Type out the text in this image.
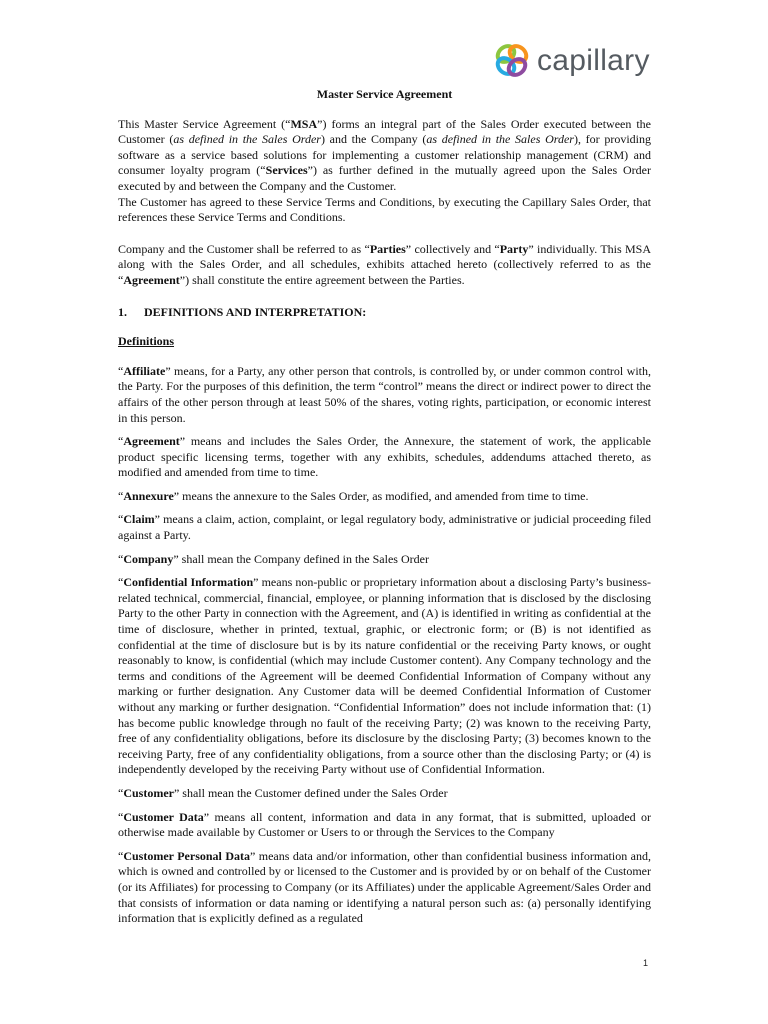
capillary
Master Service Agreement

This Master Service Agreement (“MSA”) forms an integral part of the Sales Order executed between the Customer (as defined in the Sales Order) and the Company (as defined in the Sales Order), for providing software as a service based solutions for implementing a customer relationship management (CRM) and consumer loyalty program (“Services”) as further defined in the mutually agreed upon the Sales Order executed by and between the Company and the Customer.

The Customer has agreed to these Service Terms and Conditions, by executing the Capillary Sales Order, that references these Service Terms and Conditions.

Company and the Customer shall be referred to as “Parties” collectively and “Party” individually. This MSA along with the Sales Order, and all schedules, exhibits attached hereto (collectively referred to as the “Agreement”) shall constitute the entire agreement between the Parties.

1. DEFINITIONS AND INTERPRETATION:
Definitions

“Affiliate” means, for a Party, any other person that controls, is controlled by, or under common control with, the Party. For the purposes of this definition, the term “control” means the direct or indirect power to direct the affairs of the other person through at least 50% of the shares, voting rights, participation, or economic interest in this person.

“Agreement” means and includes the Sales Order, the Annexure, the statement of work, the applicable product specific licensing terms, together with any exhibits, schedules, addendums attached thereto, as modified and amended from time to time.

“Annexure” means the annexure to the Sales Order, as modified, and amended from time to time.

“Claim” means a claim, action, complaint, or legal regulatory body, administrative or judicial proceeding filed against a Party.

“Company” shall mean the Company defined in the Sales Order

“Confidential Information” means non-public or proprietary information about a disclosing Party’s business-related technical, commercial, financial, employee, or planning information that is disclosed by the disclosing Party to the other Party in connection with the Agreement, and (A) is identified in writing as confidential at the time of disclosure, whether in printed, textual, graphic, or electronic form; or (B) is not identified as confidential at the time of disclosure but is by its nature confidential or the receiving Party knows, or ought reasonably to know, is confidential (which may include Customer content). Any Company technology and the terms and conditions of the Agreement will be deemed Confidential Information of Company without any marking or further designation. Any Customer data will be deemed Confidential Information of Customer without any marking or further designation. “Confidential Information” does not include information that: (1) has become public knowledge through no fault of the receiving Party; (2) was known to the receiving Party, free of any confidentiality obligations, before its disclosure by the disclosing Party; (3) becomes known to the receiving Party, free of any confidentiality obligations, from a source other than the disclosing Party; or (4) is independently developed by the receiving Party without use of Confidential Information.

“Customer” shall mean the Customer defined under the Sales Order

“Customer Data” means all content, information and data in any format, that is submitted, uploaded or otherwise made available by Customer or Users to or through the Services to the Company

“Customer Personal Data” means data and/or information, other than confidential business information and, which is owned and controlled by or licensed to the Customer and is provided by or on behalf of the Customer (or its Affiliates) for processing to Company (or its Affiliates) under the applicable Agreement/Sales Order and that consists of information or data naming or identifying a natural person such as: (a) personally identifying information that is explicitly defined as a regulated

1
